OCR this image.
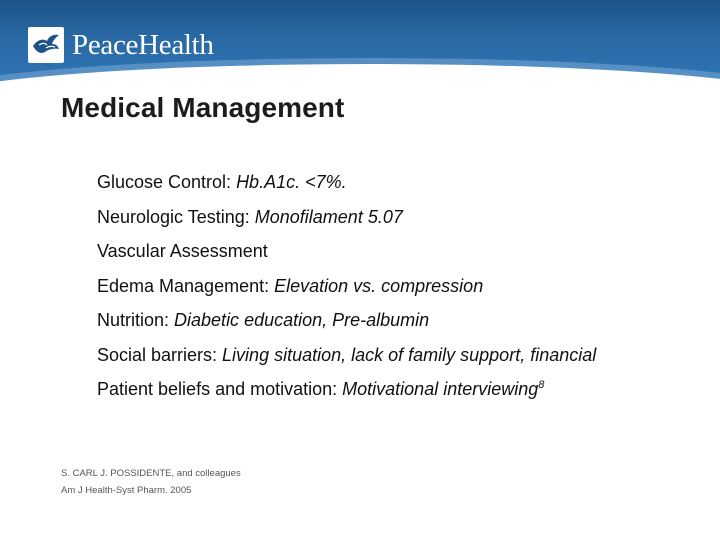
PeaceHealth
Medical Management
Glucose Control: Hb.A1c. <7%.
Neurologic Testing: Monofilament 5.07
Vascular Assessment
Edema Management: Elevation vs. compression
Nutrition: Diabetic education, Pre-albumin
Social barriers: Living situation, lack of family support, financial
Patient beliefs and motivation: Motivational interviewing$^8$
S. CARL J. POSSIDENTE, and colleagues
Am J Health-Syst Pharm. 2005
